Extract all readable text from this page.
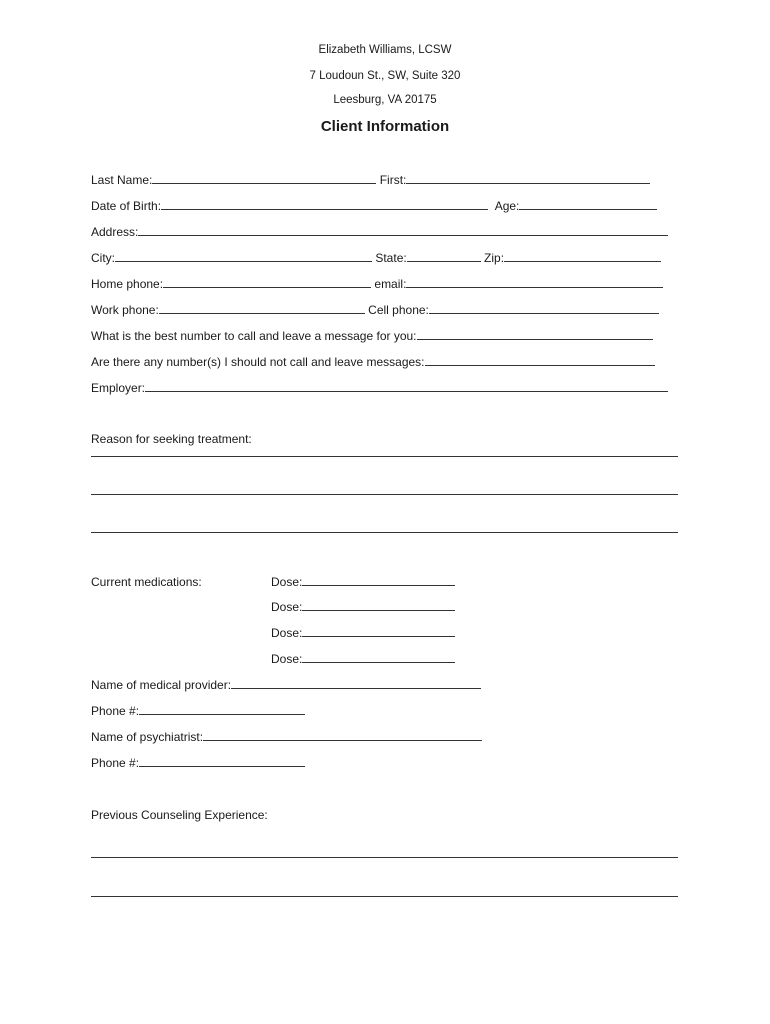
Elizabeth Williams, LCSW
7 Loudoun St., SW, Suite 320
Leesburg, VA 20175
Client Information
Last Name:	First:
Date of Birth:	Age:
Address:
City:	State:	Zip:
Home phone:	email:
Work phone:	Cell phone:
What is the best number to call and leave a message for you:
Are there any number(s) I should not call and leave messages:
Employer:
Reason for seeking treatment:
Current medications:	Dose:
Dose:
Dose:
Dose:
Name of medical provider:
Phone #:
Name of psychiatrist:
Phone #:
Previous Counseling Experience:
